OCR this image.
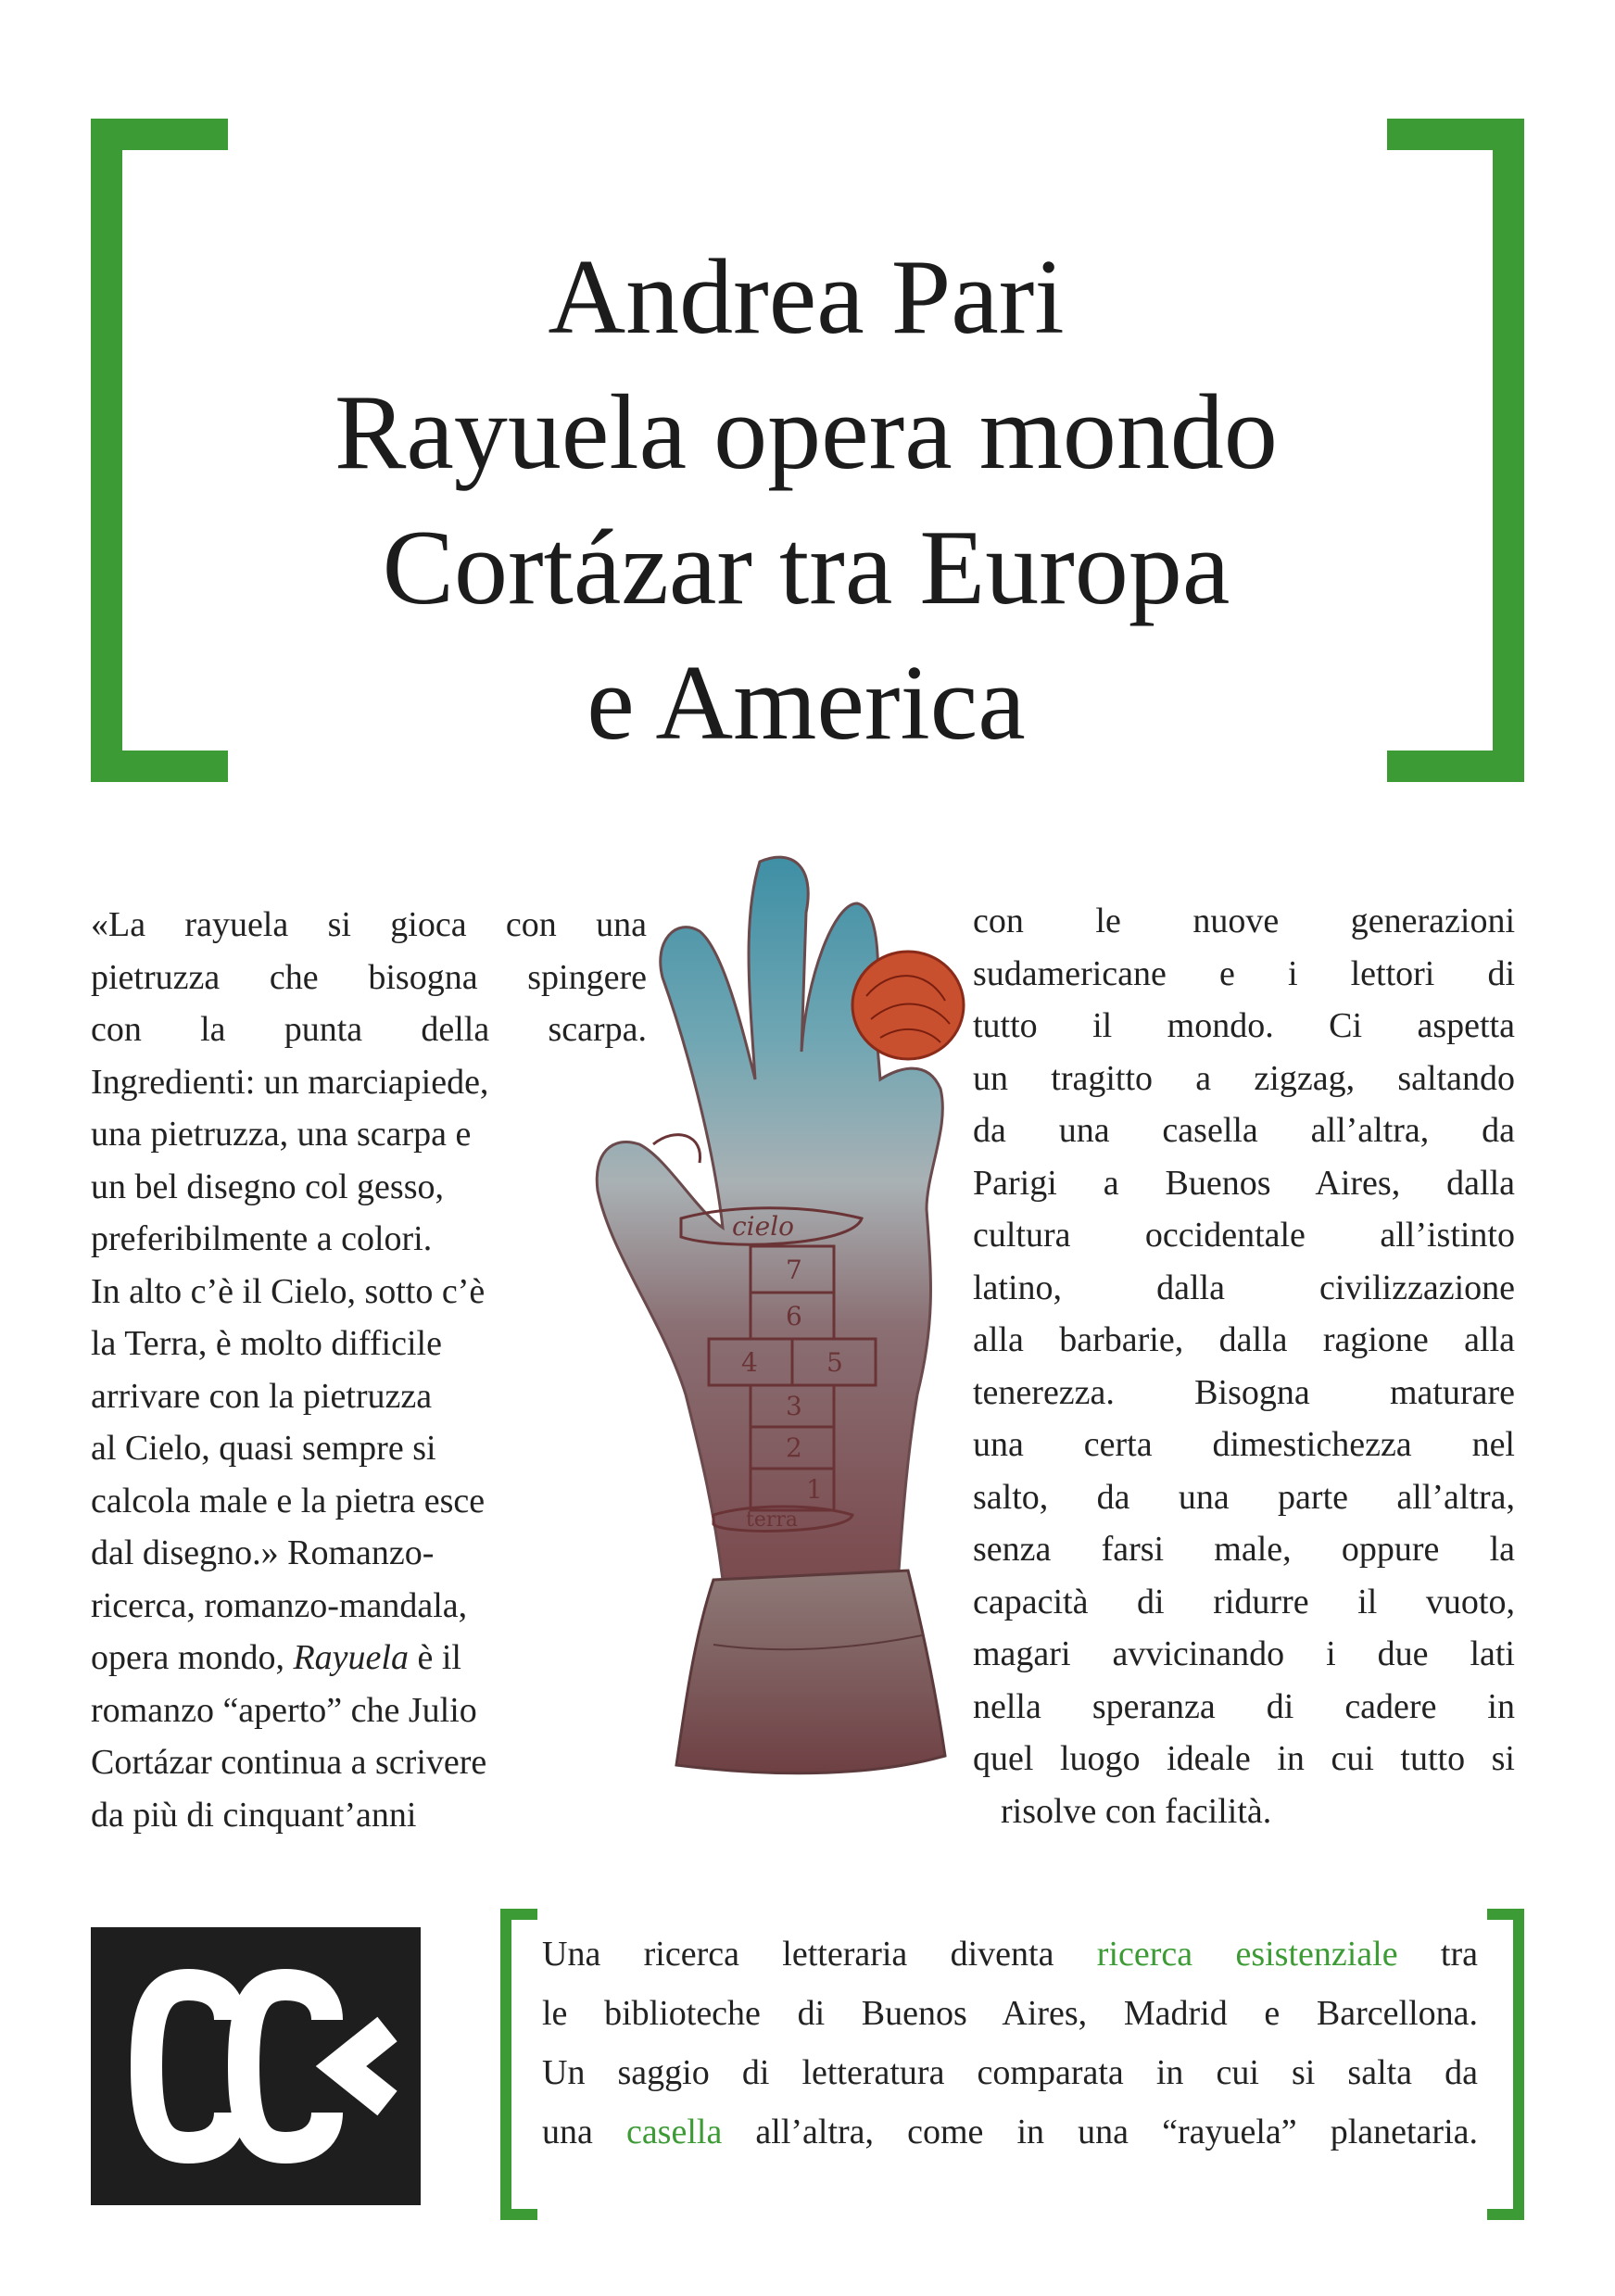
Andrea Pari
Rayuela opera mondo
Cortázar tra Europa
e America
«La rayuela si gioca con una
pietruzza che bisogna spingere
con la punta della scarpa.
Ingredienti: un marciapiede,
una pietruzza, una scarpa e
un bel disegno col gesso,
preferibilmente a colori.
In alto c’è il Cielo, sotto c’è
la Terra, è molto difficile
arrivare con la pietruzza
al Cielo, quasi sempre si
calcola male e la pietra esce
dal disegno.» Romanzo-
ricerca, romanzo-mandala,
opera mondo, Rayuela è il
romanzo “aperto” che Julio
Cortázar continua a scrivere
da più di cinquant’anni
cielo
7
6
4	5
3
2
1
terra
con le nuove generazioni
sudamericane e i lettori di
tutto il mondo. Ci aspetta
un tragitto a zigzag, saltando
da una casella all’altra, da
Parigi a Buenos Aires, dalla
cultura occidentale all’istinto
latino, dalla civilizzazione
alla barbarie, dalla ragione alla
tenerezza. Bisogna maturare
una certa dimestichezza nel
salto, da una parte all’altra,
senza farsi male, oppure la
capacità di ridurre il vuoto,
magari avvicinando i due lati
nella speranza di cadere in
quel luogo ideale in cui tutto si
risolve con facilità.
Una ricerca letteraria diventa ricerca esistenziale tra
le biblioteche di Buenos Aires, Madrid e Barcellona.
Un saggio di letteratura comparata in cui si salta da
una casella all’altra, come in una “rayuela” planetaria.
